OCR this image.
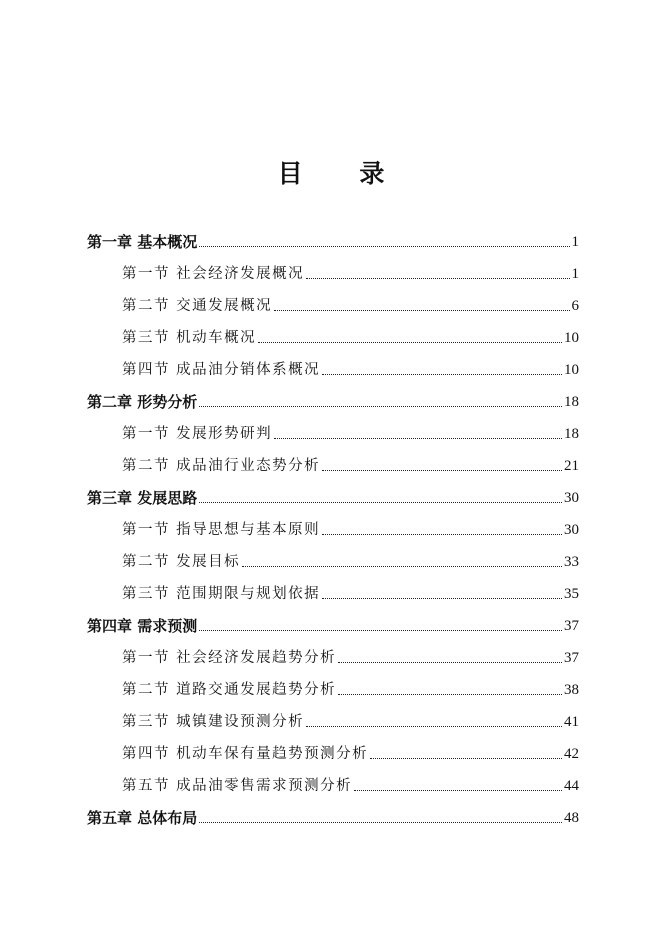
目 录
第一章 基本概况	1
第一节 社会经济发展概况	1
第二节 交通发展概况	6
第三节 机动车概况	10
第四节 成品油分销体系概况	10
第二章 形势分析	18
第一节 发展形势研判	18
第二节 成品油行业态势分析	21
第三章 发展思路	30
第一节 指导思想与基本原则	30
第二节 发展目标	33
第三节 范围期限与规划依据	35
第四章 需求预测	37
第一节 社会经济发展趋势分析	37
第二节 道路交通发展趋势分析	38
第三节 城镇建设预测分析	41
第四节 机动车保有量趋势预测分析	42
第五节 成品油零售需求预测分析	44
第五章 总体布局	48
